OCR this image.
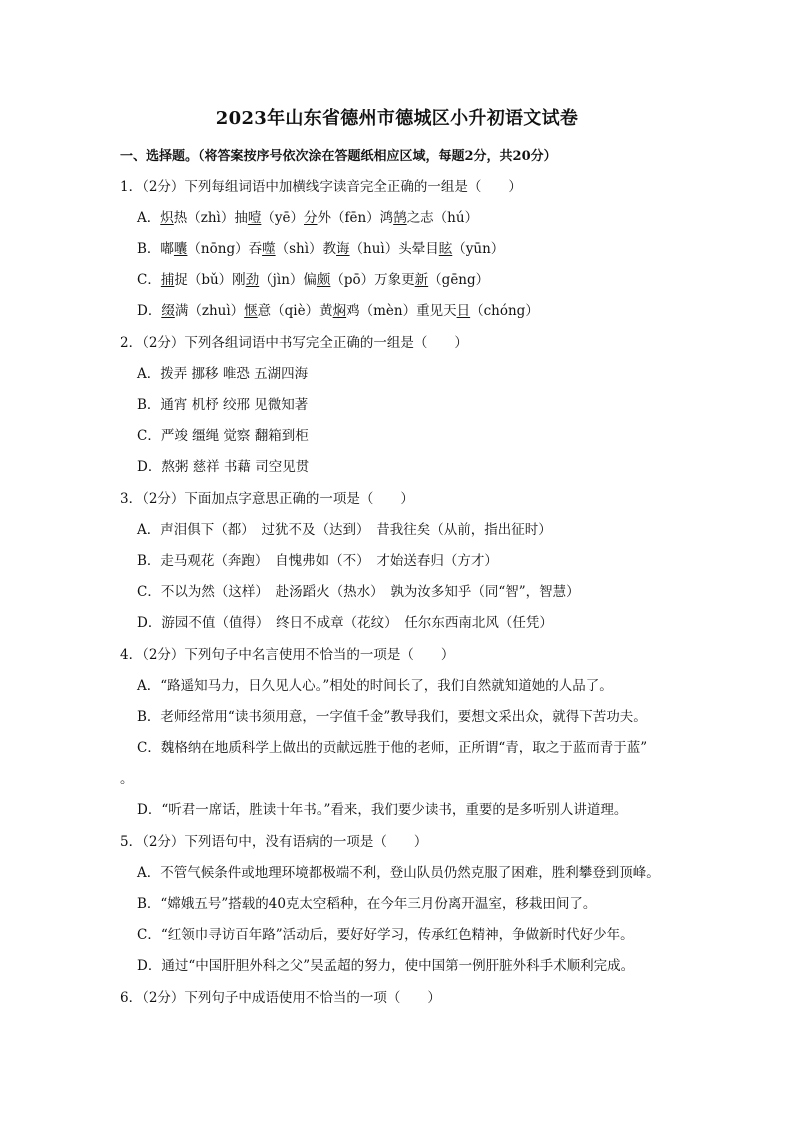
2023年山东省德州市德城区小升初语文试卷
一、选择题。（将答案按序号依次涂在答题纸相应区域，每题2分，共20分）
1．（2分）下列每组词语中加横线字读音完全正确的一组是（　　）
A．炽热（zhì）抽噎（yē）分外（fēn）鸿鹄之志（hú）
B．嘟囔（nōng）吞噬（shì）教诲（huì）头晕目眩（yūn）
C．捕捉（bǔ）刚劲（jìn）偏颇（pō）万象更新（gēng）
D．缀满（zhuì）惬意（qiè）黄焖鸡（mèn）重见天日（chóng）
2．（2分）下列各组词语中书写完全正确的一组是（　　）
A．拨弄 挪移 唯恐 五湖四海
B．通宵 机杼 绞邢 见微知著
C．严竣 缰绳 觉察 翻箱到柜
D．熬粥 慈祥 书藉 司空见贯
3．（2分）下面加点字意思正确的一项是（　　）
A．声泪俱下（都）　过犹不及（达到）　昔我往矣（从前，指出征时）
B．走马观花（奔跑）　自愧弗如（不）　才始送春归（方才）
C．不以为然（这样）　赴汤蹈火（热水）　孰为汝多知乎（同“智”，智慧）
D．游园不值（值得）　终日不成章（花纹）　任尔东西南北风（任凭）
4．（2分）下列句子中名言使用不恰当的一项是（　　）
A．“路遥知马力，日久见人心。”相处的时间长了，我们自然就知道她的人品了。
B．老师经常用“读书须用意，一字值千金”教导我们，要想文采出众，就得下苦功夫。
C．魏格纳在地质科学上做出的贡献远胜于他的老师，正所谓“青，取之于蓝而青于蓝”
。
D．“听君一席话，胜读十年书。”看来，我们要少读书，重要的是多听别人讲道理。
5．（2分）下列语句中，没有语病的一项是（　　）
A．不管气候条件或地理环境都极端不利，登山队员仍然克服了困难，胜利攀登到顶峰。
B．“嫦娥五号”搭载的40克太空稻种，在今年三月份离开温室，移栽田间了。
C．“红领巾寻访百年路”活动后，要好好学习，传承红色精神，争做新时代好少年。
D．通过“中国肝胆外科之父”吴孟超的努力，使中国第一例肝脏外科手术顺利完成。
6．（2分）下列句子中成语使用不恰当的一项（　　）
